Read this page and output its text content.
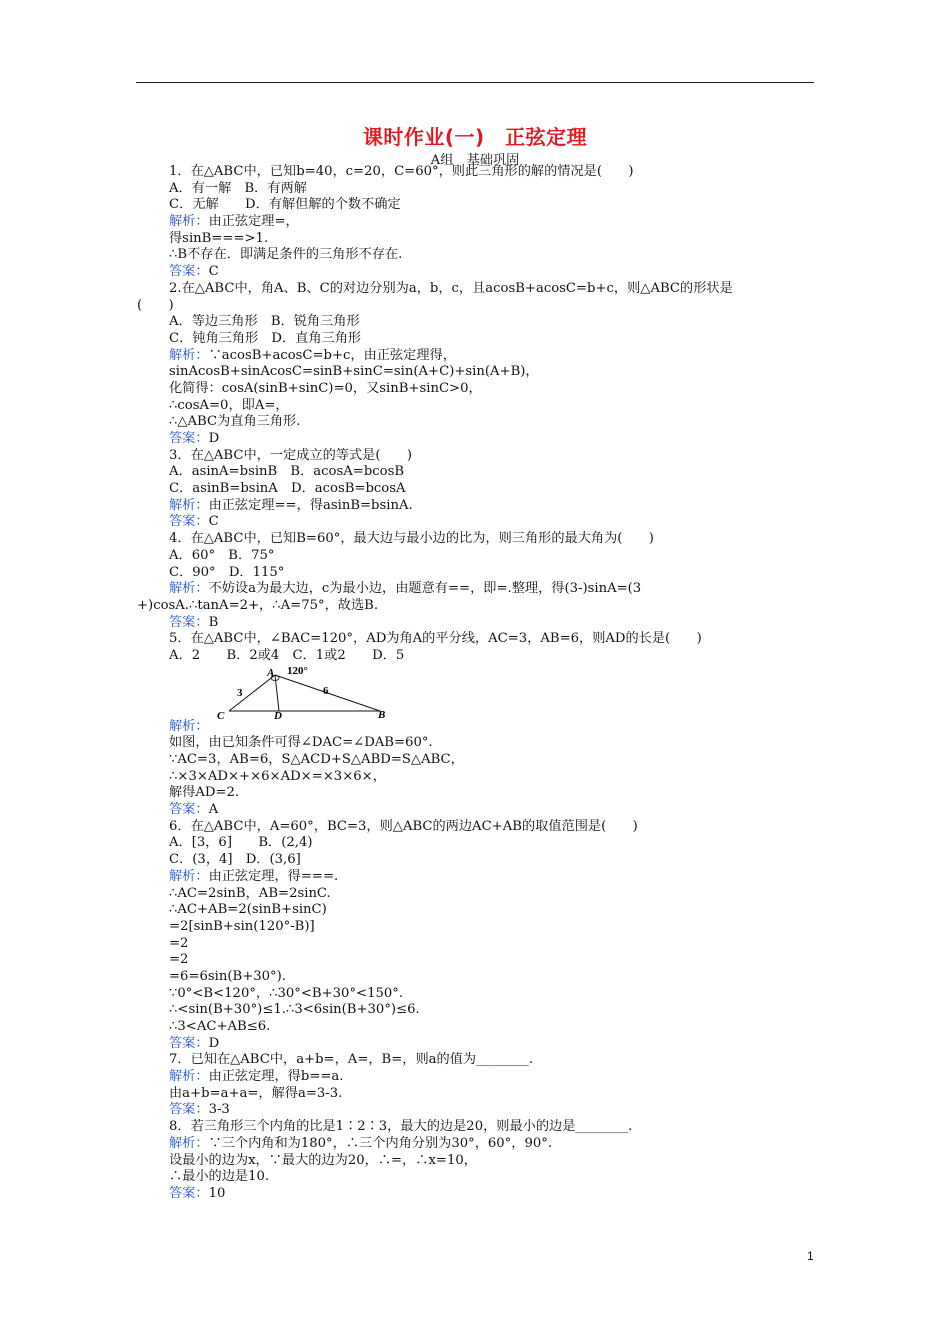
课时作业(一)　正弦定理
A组　基础巩固
1．在△ABC中，已知b=40，c=20，C=60°，则此三角形的解的情况是(　　)
A．有一解　B．有两解
C．无解　　D．有解但解的个数不确定
解析：由正弦定理=，
得sinB===>1.
∴B不存在．即满足条件的三角形不存在.
答案：C
2.在△ABC中，角A、B、C的对边分别为a，b，c，且acosB+acosC=b+c，则△ABC的形状是
(　　)
A．等边三角形　B．锐角三角形
C．钝角三角形　D．直角三角形
解析：∵acosB+acosC=b+c，由正弦定理得，
sinAcosB+sinAcosC=sinB+sinC=sin(A+C)+sin(A+B)，
化简得：cosA(sinB+sinC)=0，又sinB+sinC>0，
∴cosA=0，即A=，
∴△ABC为直角三角形.
答案：D
3．在△ABC中，一定成立的等式是(　　)
A．asinA=bsinB　B．acosA=bcosB
C．asinB=bsinA　D．acosB=bcosA
解析：由正弦定理==，得asinB=bsinA.
答案：C
4．在△ABC中，已知B=60°，最大边与最小边的比为，则三角形的最大角为(　　)
A．60°　B．75°
C．90°　D．115°
解析：不妨设a为最大边，c为最小边，由题意有==，即=.整理，得(3-)sinA=(3
+)cosA.∴tanA=2+，∴A=75°，故选B.
答案：B
5．在△ABC中，∠BAC=120°，AD为角A的平分线，AC=3，AB=6，则AD的长是(　　)
A．2　　B．2或4　C．1或2　　D．5
A 120°
3	6
C	D	B
解析：
如图，由已知条件可得∠DAC=∠DAB=60°.
∵AC=3，AB=6，S△ACD+S△ABD=S△ABC，
∴×3×AD×+×6×AD×=×3×6×，
解得AD=2.
答案：A
6．在△ABC中，A=60°，BC=3，则△ABC的两边AC+AB的取值范围是(　　)
A．[3，6]　　B．(2,4)
C．(3，4]　D．(3,6]
解析：由正弦定理，得===.
∴AC=2sinB，AB=2sinC.
∴AC+AB=2(sinB+sinC)
=2[sinB+sin(120°-B)]
=2
=2
=6=6sin(B+30°).
∵0°<B<120°，∴30°<B+30°<150°.
∴<sin(B+30°)≤1.∴3<6sin(B+30°)≤6.
∴3<AC+AB≤6.
答案：D
7．已知在△ABC中，a+b=，A=，B=，则a的值为________.
解析：由正弦定理，得b==a.
由a+b=a+a=，解得a=3-3.
答案：3-3
8．若三角形三个内角的比是1∶2∶3，最大的边是20，则最小的边是________.
解析：∵三个内角和为180°，∴三个内角分别为30°，60°，90°.
设最小的边为x，∵最大的边为20，∴=，∴x=10，
∴最小的边是10.
答案：10
1
